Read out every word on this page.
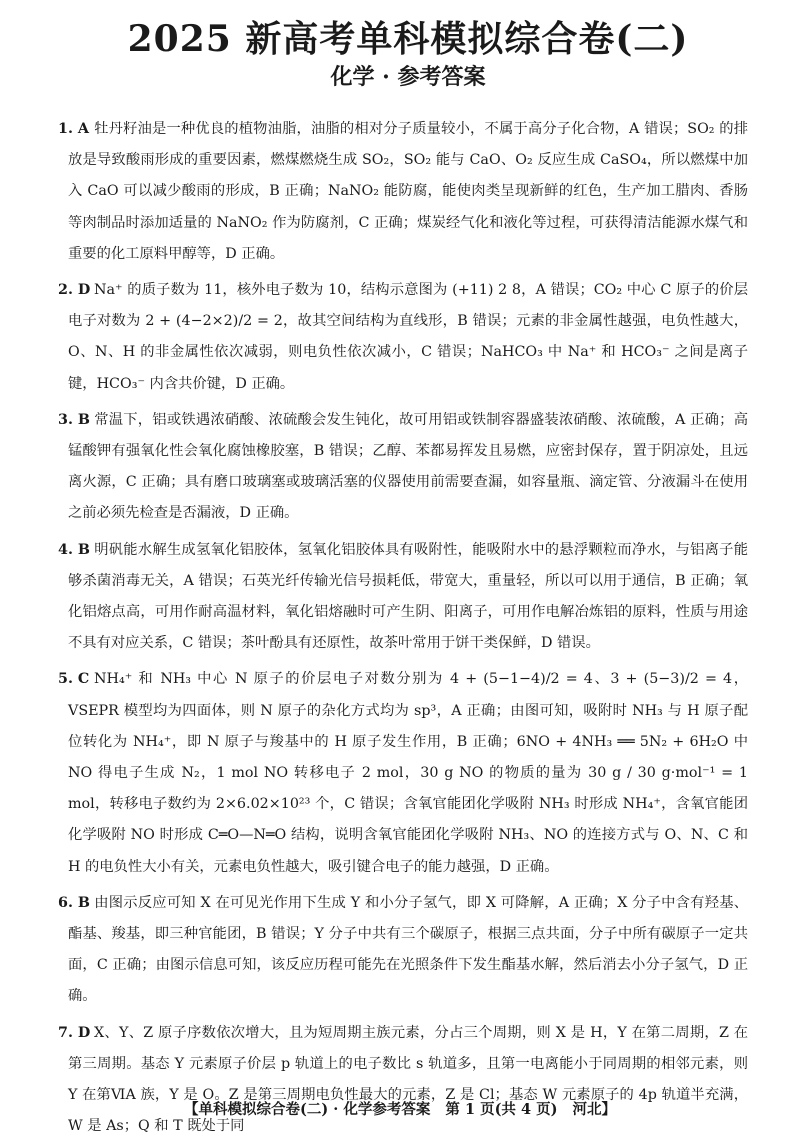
2025 新高考单科模拟综合卷(二)
化学 · 参考答案

1. A 牡丹籽油是一种优良的植物油脂，油脂的相对分子质量较小，不属于高分子化合物，A 错误；SO₂ 的排放是导致酸雨形成的重要因素，燃煤燃烧生成 SO₂，SO₂ 能与 CaO、O₂ 反应生成 CaSO₄，所以燃煤中加入 CaO 可以减少酸雨的形成，B 正确；NaNO₂ 能防腐，能使肉类呈现新鲜的红色，生产加工腊肉、香肠等肉制品时添加适量的 NaNO₂ 作为防腐剂，C 正确；煤炭经气化和液化等过程，可获得清洁能源水煤气和重要的化工原料甲醇等，D 正确。

2. D Na⁺ 的质子数为 11，核外电子数为 10，结构示意图为 (+11) 2 8，A 错误；CO₂ 中心 C 原子的价层电子对数为 2 + (4−2×2)/2 = 2，故其空间结构为直线形，B 错误；元素的非金属性越强，电负性越大，O、N、H 的非金属性依次减弱，则电负性依次减小，C 错误；NaHCO₃ 中 Na⁺ 和 HCO₃⁻ 之间是离子键，HCO₃⁻ 内含共价键，D 正确。

3. B 常温下，铝或铁遇浓硝酸、浓硫酸会发生钝化，故可用铝或铁制容器盛装浓硝酸、浓硫酸，A 正确；高锰酸钾有强氧化性会氧化腐蚀橡胶塞，B 错误；乙醇、苯都易挥发且易燃，应密封保存，置于阴凉处，且远离火源，C 正确；具有磨口玻璃塞或玻璃活塞的仪器使用前需要查漏，如容量瓶、滴定管、分液漏斗在使用之前必须先检查是否漏液，D 正确。

4. B 明矾能水解生成氢氧化铝胶体，氢氧化铝胶体具有吸附性，能吸附水中的悬浮颗粒而净水，与铝离子能够杀菌消毒无关，A 错误；石英光纤传输光信号损耗低，带宽大，重量轻，所以可以用于通信，B 正确；氧化铝熔点高，可用作耐高温材料，氧化铝熔融时可产生阴、阳离子，可用作电解冶炼铝的原料，性质与用途不具有对应关系，C 错误；茶叶酚具有还原性，故茶叶常用于饼干类保鲜，D 错误。

5. C NH₄⁺ 和 NH₃ 中心 N 原子的价层电子对数分别为 4 + (5−1−4)/2 = 4、3 + (5−3)/2 = 4，VSEPR 模型均为四面体，则 N 原子的杂化方式均为 sp³，A 正确；由图可知，吸附时 NH₃ 与 H 原子配位转化为 NH₄⁺，即 N 原子与羧基中的 H 原子发生作用，B 正确；6NO + 4NH₃ ══ 5N₂ + 6H₂O 中 NO 得电子生成 N₂，1 mol NO 转移电子 2 mol，30 g NO 的物质的量为 30 g / 30 g·mol⁻¹ = 1 mol，转移电子数约为 2×6.02×10²³ 个，C 错误；含氧官能团化学吸附 NH₃ 时形成 NH₄⁺，含氧官能团化学吸附 NO 时形成 C═O—N═O 结构，说明含氧官能团化学吸附 NH₃、NO 的连接方式与 O、N、C 和 H 的电负性大小有关，元素电负性越大，吸引键合电子的能力越强，D 正确。

6. B 由图示反应可知 X 在可见光作用下生成 Y 和小分子氢气，即 X 可降解，A 正确；X 分子中含有羟基、酯基、羧基，即三种官能团，B 错误；Y 分子中共有三个碳原子，根据三点共面，分子中所有碳原子一定共面，C 正确；由图示信息可知，该反应历程可能先在光照条件下发生酯基水解，然后消去小分子氢气，D 正确。

7. D X、Y、Z 原子序数依次增大，且为短周期主族元素，分占三个周期，则 X 是 H，Y 在第二周期，Z 在第三周期。基态 Y 元素原子价层 p 轨道上的电子数比 s 轨道多，且第一电离能小于同周期的相邻元素，则 Y 在第ⅥA 族，Y 是 O。Z 是第三周期电负性最大的元素，Z 是 Cl；基态 W 元素原子的 4p 轨道半充满，W 是 As；Q 和 T 既处于同

【单科模拟综合卷(二) · 化学参考答案 第 1 页(共 4 页) 河北】
